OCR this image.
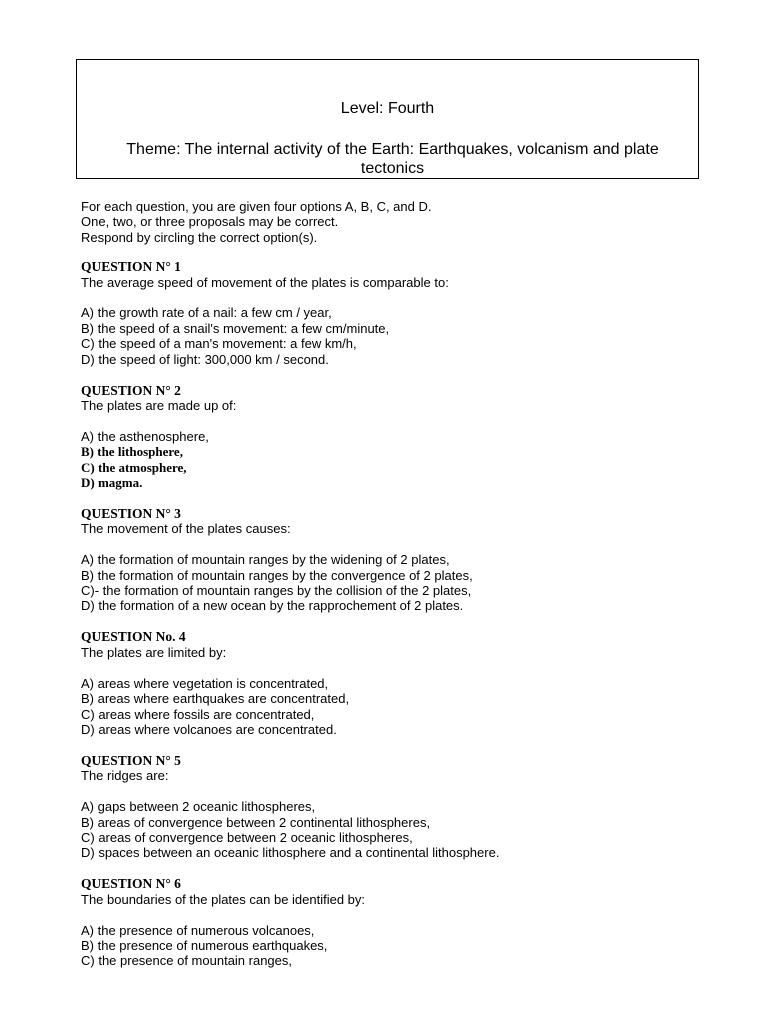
Level: Fourth
Theme: The internal activity of the Earth: Earthquakes, volcanism and plate tectonics

For each question, you are given four options A, B, C, and D.

One, two, or three proposals may be correct.

Respond by circling the correct option(s).

QUESTION N° 1

The average speed of movement of the plates is comparable to:

A) the growth rate of a nail: a few cm / year,

B) the speed of a snail's movement: a few cm/minute,

C) the speed of a man's movement: a few km/h,

D) the speed of light: 300,000 km / second.

QUESTION N° 2

The plates are made up of:

A) the asthenosphere,

B) the lithosphere,

C) the atmosphere,

D) magma.

QUESTION N° 3

The movement of the plates causes:

A) the formation of mountain ranges by the widening of 2 plates,

B) the formation of mountain ranges by the convergence of 2 plates,

C)- the formation of mountain ranges by the collision of the 2 plates,

D) the formation of a new ocean by the rapprochement of 2 plates.

QUESTION No. 4

The plates are limited by:

A) areas where vegetation is concentrated,

B) areas where earthquakes are concentrated,

C) areas where fossils are concentrated,

D) areas where volcanoes are concentrated.

QUESTION N° 5

The ridges are:

A) gaps between 2 oceanic lithospheres,

B) areas of convergence between 2 continental lithospheres,

C) areas of convergence between 2 oceanic lithospheres,

D) spaces between an oceanic lithosphere and a continental lithosphere.

QUESTION N° 6

The boundaries of the plates can be identified by:

A) the presence of numerous volcanoes,

B) the presence of numerous earthquakes,

C) the presence of mountain ranges,
